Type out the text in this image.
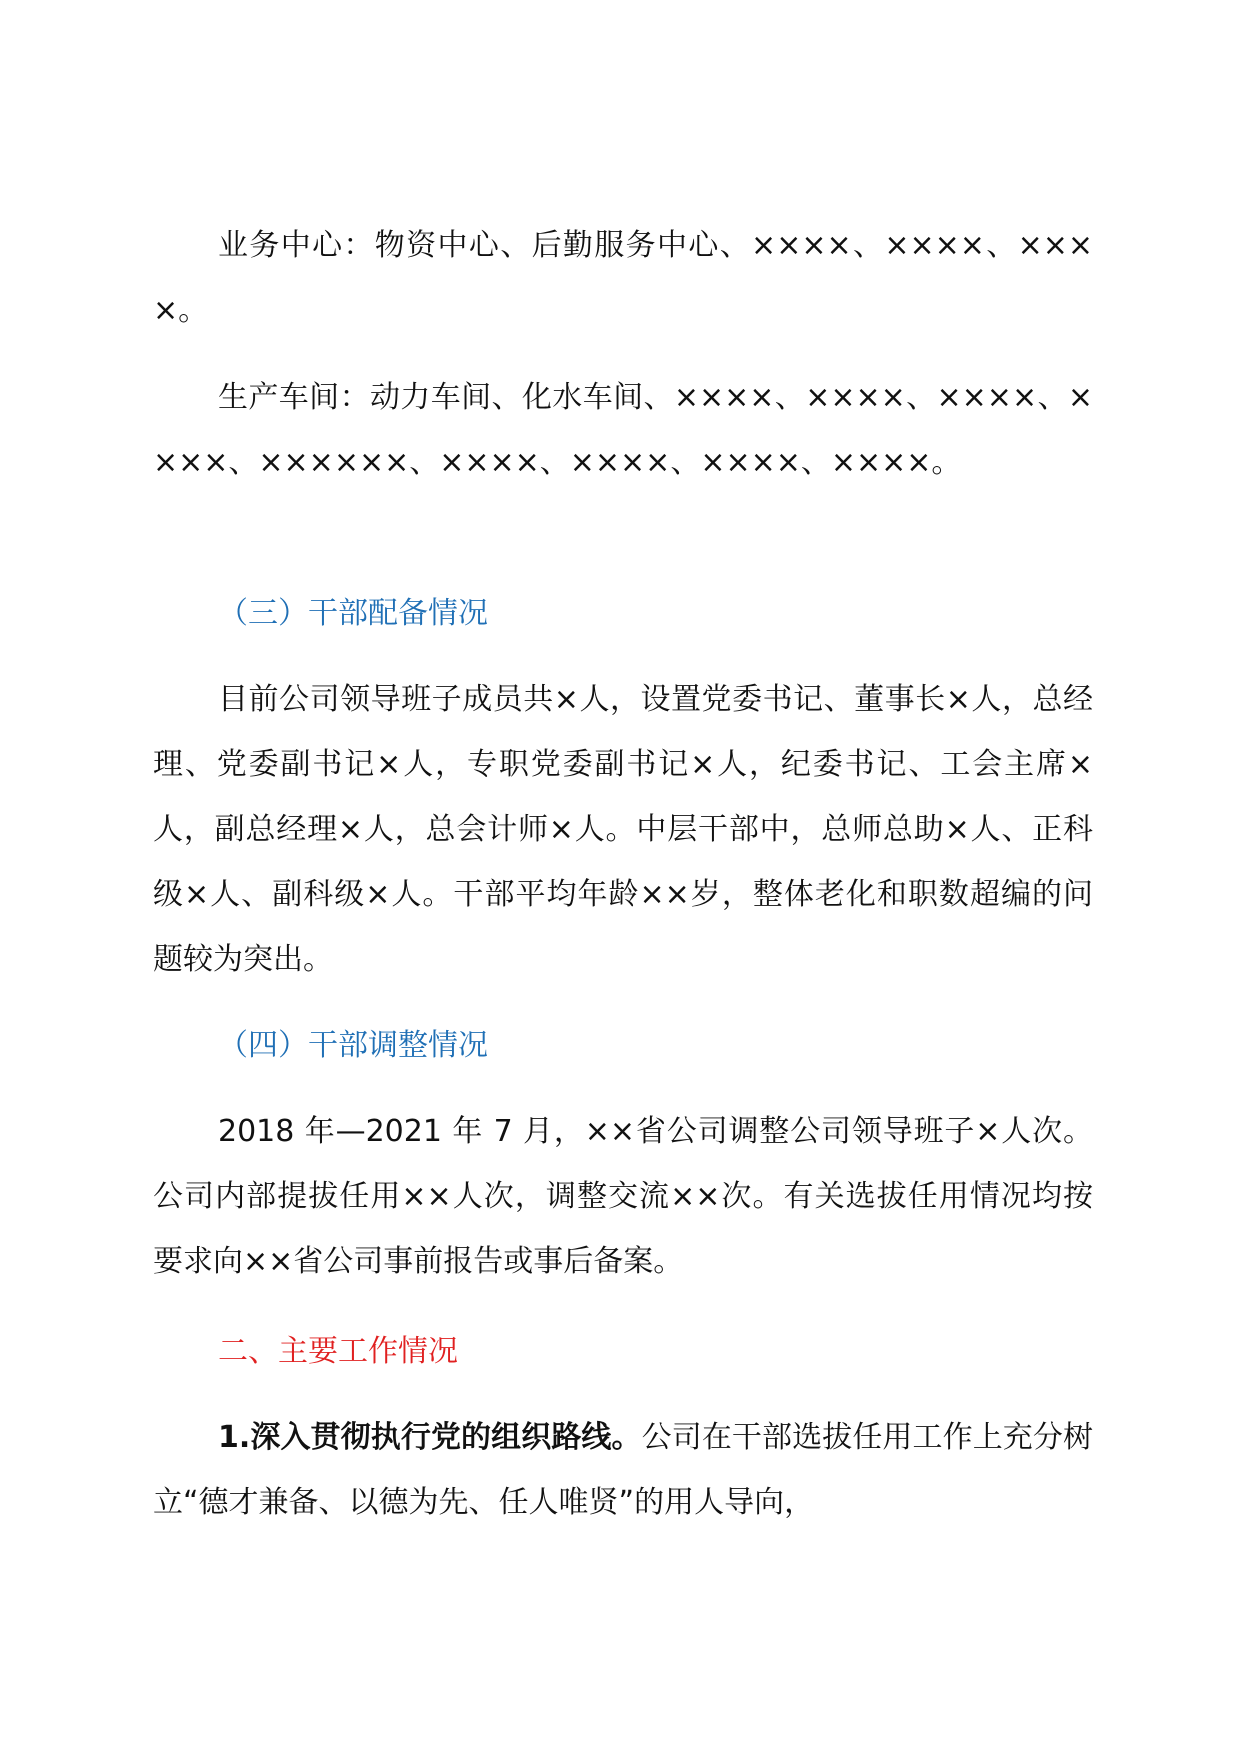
业务中心：物资中心、后勤服务中心、××××、××××、××××。

生产车间：动力车间、化水车间、××××、××××、××××、××××、××××××、××××、××××、××××、××××。

（三）干部配备情况

目前公司领导班子成员共×人，设置党委书记、董事长×人，总经理、党委副书记×人，专职党委副书记×人，纪委书记、工会主席×人，副总经理×人，总会计师×人。中层干部中，总师总助×人、正科级×人、副科级×人。干部平均年龄××岁，整体老化和职数超编的问题较为突出。

（四）干部调整情况

2018 年—2021 年 7 月，××省公司调整公司领导班子×人次。公司内部提拔任用××人次，调整交流××次。有关选拔任用情况均按要求向××省公司事前报告或事后备案。

二、主要工作情况

1.深入贯彻执行党的组织路线。公司在干部选拔任用工作上充分树立“德才兼备、以德为先、任人唯贤”的用人导向，
